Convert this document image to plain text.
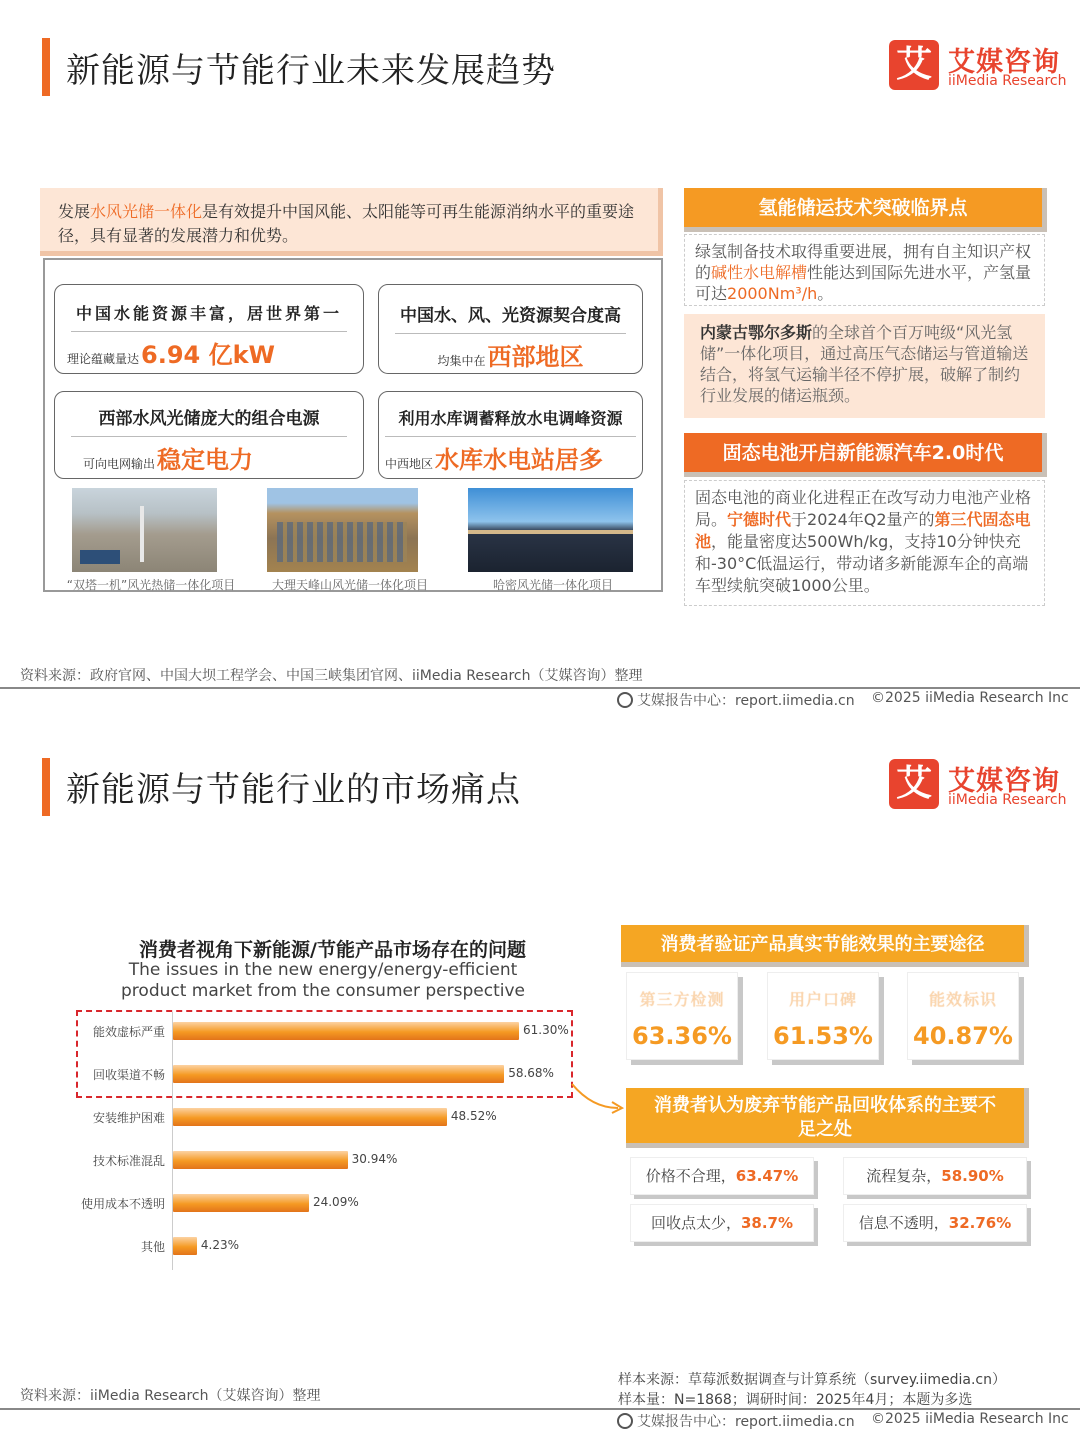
新能源与节能行业未来发展趋势	艾 艾媒咨询
iiMedia Research
发展水风光储一体化是有效提升中国风能、太阳能等可再生能源消纳水平的重要途径，具有显著的发展潜力和优势。
中国水能资源丰富，居世界第一
理论蕴藏量达6.94 亿kW
中国水、风、光资源契合度高
均集中在西部地区
西部水风光储庞大的组合电源
可向电网输出稳定电力
利用水库调蓄释放水电调峰资源
中西地区水库水电站居多
“双塔一机”风光热储一体化项目	大理天峰山风光储一体化项目	哈密风光储一体化项目
氢能储运技术突破临界点
绿氢制备技术取得重要进展，拥有自主知识产权的碱性水电解槽性能达到国际先进水平，产氢量可达2000Nm³/h。
内蒙古鄂尔多斯的全球首个百万吨级“风光氢储”一体化项目，通过高压气态储运与管道输送结合，将氢气运输半径不停扩展，破解了制约行业发展的储运瓶颈。
固态电池开启新能源汽车2.0时代
固态电池的商业化进程正在改写动力电池产业格局。宁德时代于2024年Q2量产的第三代固态电池，能量密度达500Wh/kg，支持10分钟快充和-30°C低温运行，带动诸多新能源车企的高端车型续航突破1000公里。
资料来源：政府官网、中国大坝工程学会、中国三峡集团官网、iiMedia Research（艾媒咨询）整理
艾媒报告中心：report.iimedia.cn ©2025 iiMedia Research Inc
新能源与节能行业的市场痛点	艾 艾媒咨询
iiMedia Research
消费者视角下新能源/节能产品市场存在的问题
The issues in the new energy/energy-efficient product market from the consumer perspective
能效虚标严重	61.30%
回收渠道不畅	58.68%
安装维护困难	48.52%
技术标准混乱	30.94%
使用成本不透明	24.09%
其他	4.23%
消费者验证产品真实节能效果的主要途径
第三方检测
63.36%
用户口碑
61.53%
能效标识
40.87%
消费者认为废弃节能产品回收体系的主要不足之处
价格不合理，63.47%	流程复杂，58.90%
回收点太少，38.7%	信息不透明，32.76%
样本来源：草莓派数据调查与计算系统（survey.iimedia.cn）
样本量：N=1868；调研时间：2025年4月；本题为多选
资料来源：iiMedia Research（艾媒咨询）整理
艾媒报告中心：report.iimedia.cn ©2025 iiMedia Research Inc
